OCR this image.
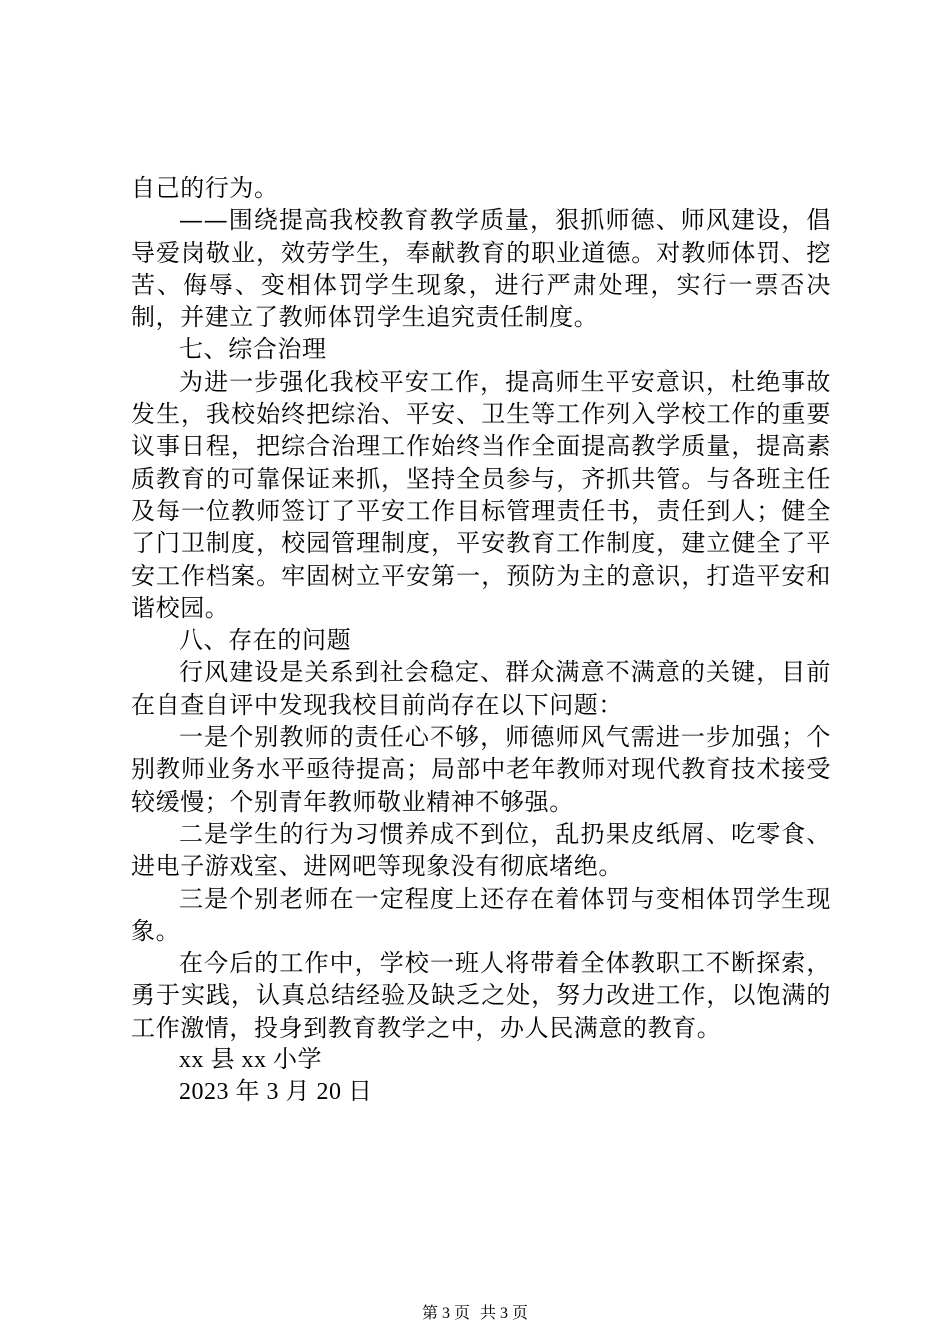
自己的行为。

——围绕提高我校教育教学质量，狠抓师德、师风建设，倡导爱岗敬业，效劳学生，奉献教育的职业道德。对教师体罚、挖苦、侮辱、变相体罚学生现象，进行严肃处理，实行一票否决制，并建立了教师体罚学生追究责任制度。

七、综合治理

为进一步强化我校平安工作，提高师生平安意识，杜绝事故发生，我校始终把综治、平安、卫生等工作列入学校工作的重要议事日程，把综合治理工作始终当作全面提高教学质量，提高素质教育的可靠保证来抓，坚持全员参与，齐抓共管。与各班主任及每一位教师签订了平安工作目标管理责任书，责任到人；健全了门卫制度，校园管理制度，平安教育工作制度，建立健全了平安工作档案。牢固树立平安第一，预防为主的意识，打造平安和谐校园。

八、存在的问题

行风建设是关系到社会稳定、群众满意不满意的关键，目前在自查自评中发现我校目前尚存在以下问题：

一是个别教师的责任心不够，师德师风气需进一步加强；个别教师业务水平亟待提高；局部中老年教师对现代教育技术接受较缓慢；个别青年教师敬业精神不够强。

二是学生的行为习惯养成不到位，乱扔果皮纸屑、吃零食、进电子游戏室、进网吧等现象没有彻底堵绝。

三是个别老师在一定程度上还存在着体罚与变相体罚学生现象。

在今后的工作中，学校一班人将带着全体教职工不断探索，勇于实践，认真总结经验及缺乏之处，努力改进工作，以饱满的工作激情，投身到教育教学之中，办人民满意的教育。

xx 县 xx 小学

2023 年 3 月 20 日

第 3 页 共 3 页
